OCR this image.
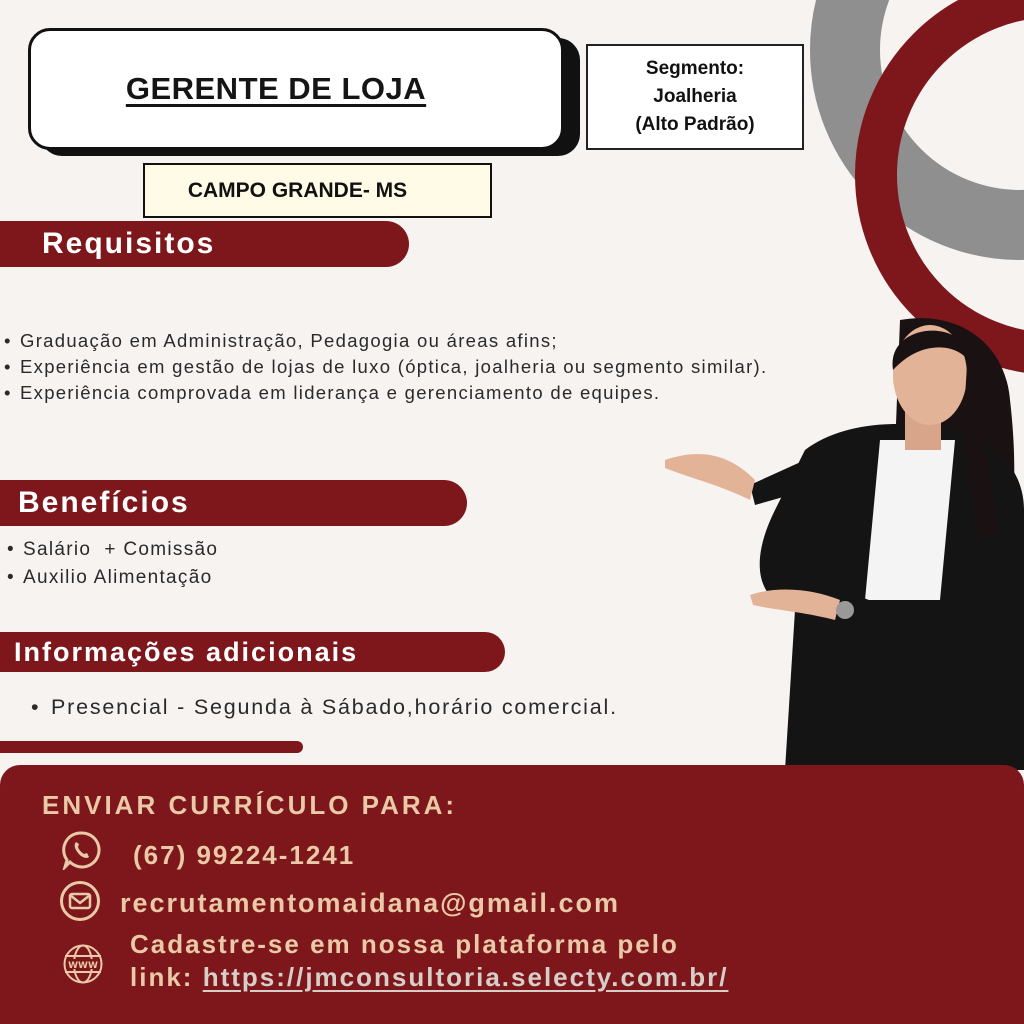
GERENTE DE LOJA
Segmento:
Joalheria
(Alto Padrão)
CAMPO GRANDE- MS
Requisitos
• Graduação em Administração, Pedagogia ou áreas afins;
• Experiência em gestão de lojas de luxo (óptica, joalheria ou segmento similar).
• Experiência comprovada em liderança e gerenciamento de equipes.
Benefícios
• Salário  + Comissão
• Auxilio Alimentação
Informações adicionais
• Presencial - Segunda à Sábado,horário comercial.
ENVIAR CURRÍCULO PARA:
(67) 99224-1241
recrutamentomaidana@gmail.com
WWW
Cadastre-se em nossa plataforma pelo
link: https://jmconsultoria.selecty.com.br/
